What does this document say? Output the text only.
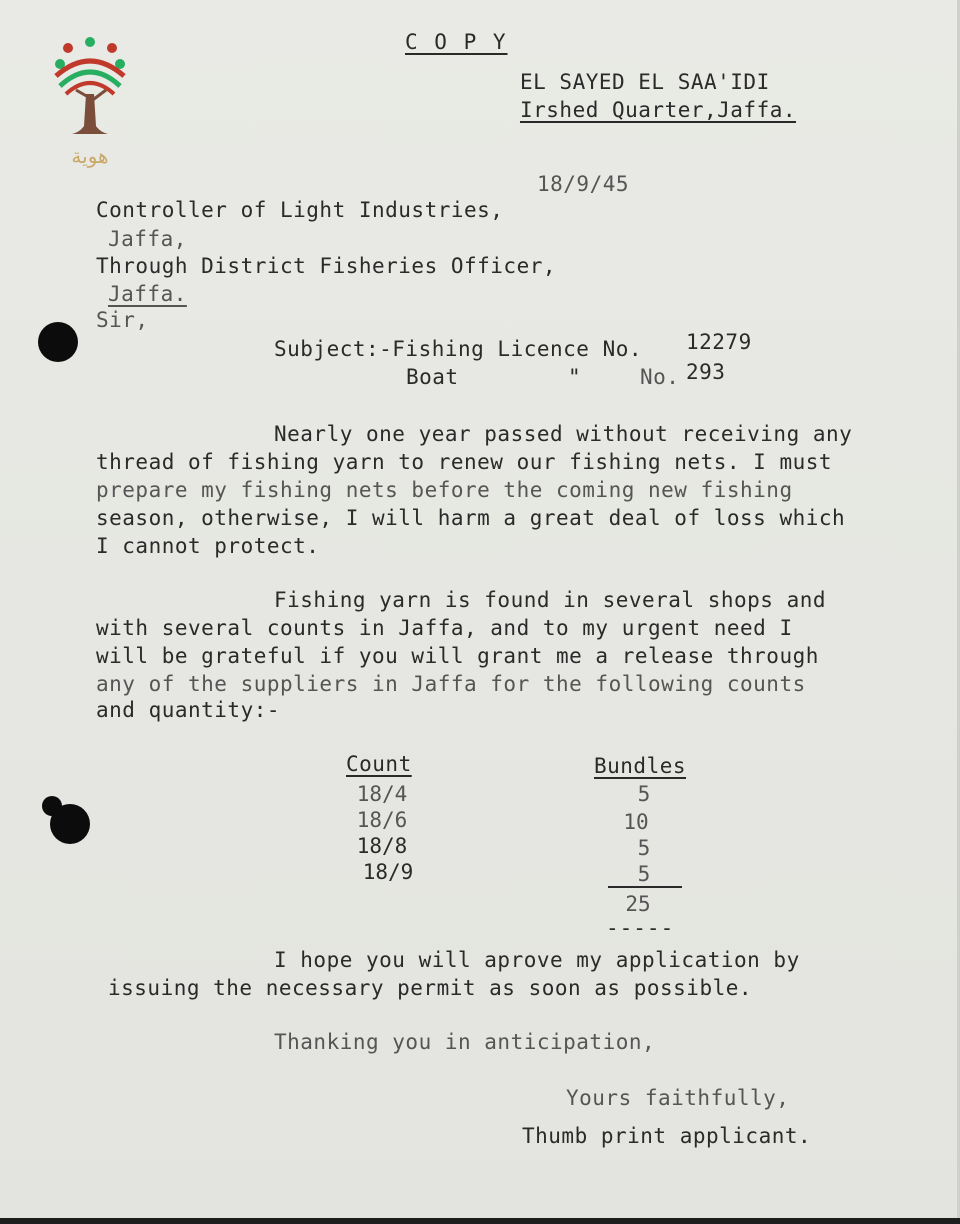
هوية
C O P Y
EL SAYED EL SAA'IDI
Irshed Quarter,Jaffa.
18/9/45
Controller of Light Industries,
Jaffa,
Through District Fisheries Officer,
Jaffa.
Sir,
Subject:-Fishing Licence No. 12279
Boat	"	No. 293
Nearly one year passed without receiving any
thread of fishing yarn to renew our fishing nets. I must
prepare my fishing nets before the coming new fishing
season, otherwise, I will harm a great deal of loss which
I cannot protect.
Fishing yarn is found in several shops and
with several counts in Jaffa, and to my urgent need I
will be grateful if you will grant me a release through
any of the suppliers in Jaffa for the following counts
and quantity:-
Count	Bundles
18/4	5
18/6	10
18/8	5
18/9	5
25
-----
I hope you will aprove my application by
issuing the necessary permit as soon as possible.
Thanking you in anticipation,
Yours faithfully,
Thumb print applicant.
